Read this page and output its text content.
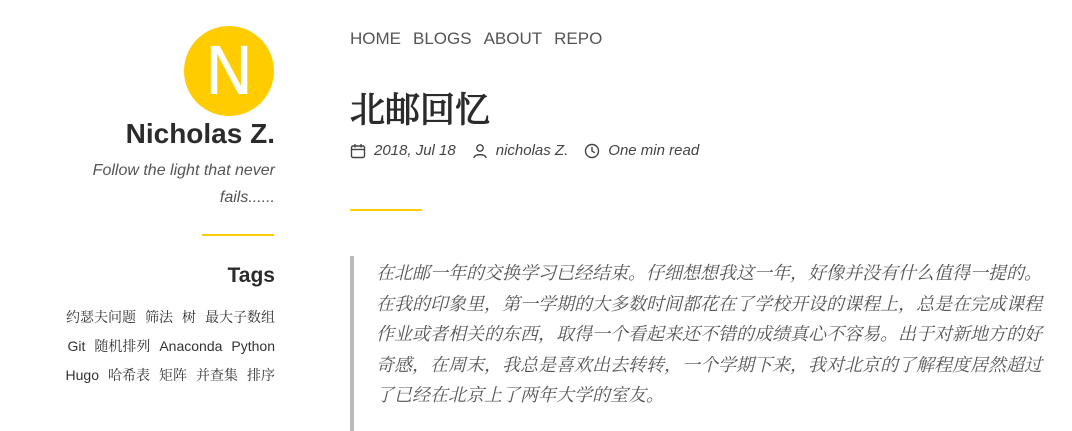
N
Nicholas Z.
Follow the light that never fails......
Tags
约瑟夫问题 筛法 树 最大子数组
Git 随机排列 Anaconda Python
Hugo 哈希表 矩阵 并查集 排序
HOME BLOGS ABOUT REPO
北邮回忆
2018, Jul 18	nicholas Z.	One min read
在北邮一年的交换学习已经结束。仔细想想我这一年，好像并没有什么值得一提的。在我的印象里，第一学期的大多数时间都花在了学校开设的课程上，总是在完成课程作业或者相关的东西，取得一个看起来还不错的成绩真心不容易。出于对新地方的好奇感，在周末，我总是喜欢出去转转，一个学期下来，我对北京的了解程度居然超过了已经在北京上了两年大学的室友。
